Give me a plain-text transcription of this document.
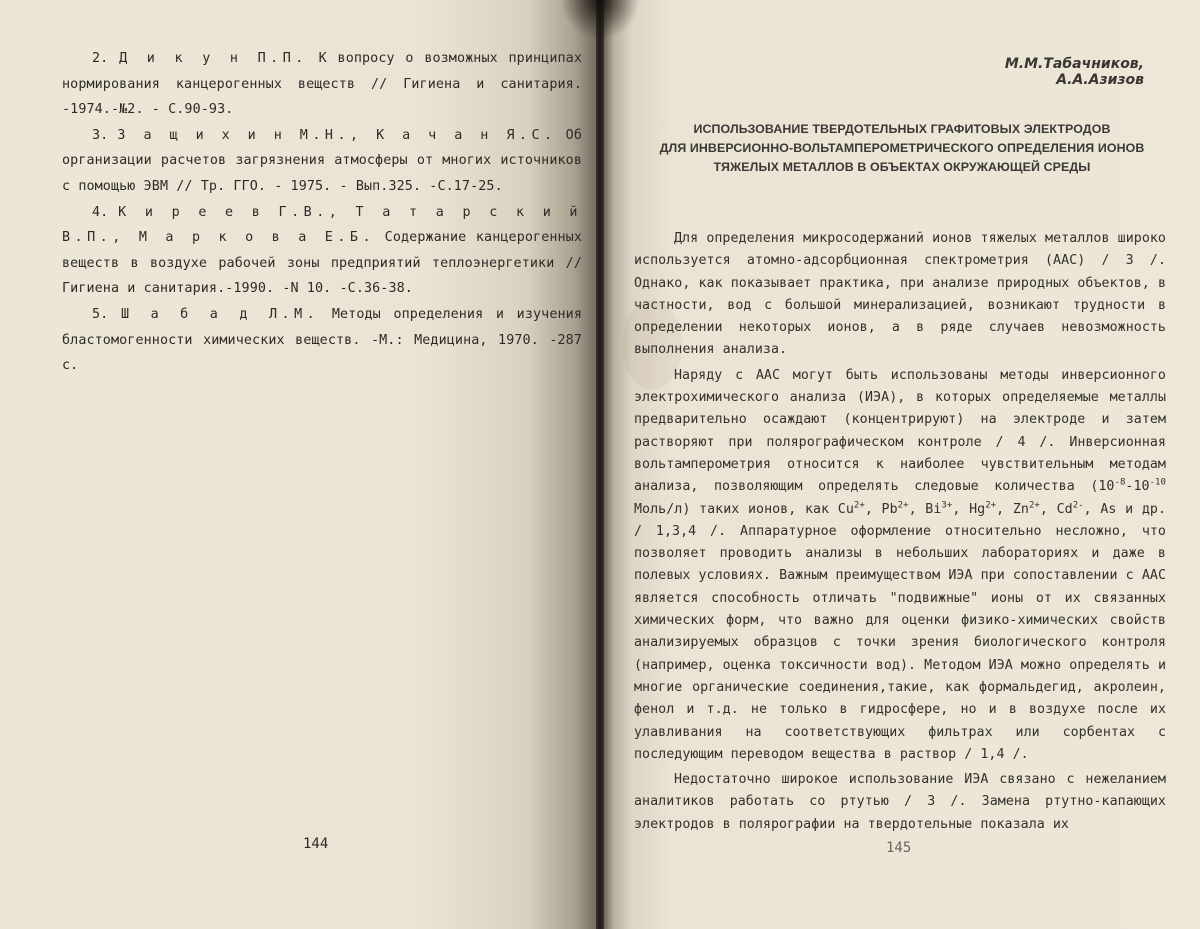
2. Д и к у н П.П. К вопросу о возможных принципах нормирования канцерогенных веществ // Гигиена и санитария. -1974.-№2. - С.90-93.

3. З а щ и х и н М.Н., К а ч а н Я.С. Об организации расчетов загрязнения атмосферы от многих источников с помощью ЭВМ // Тр. ГГО. - 1975. - Вып.325. -С.17-25.

4. К и р е е в Г.В., Т а т а р с к и й В.П., М а р к о в а Е.Б. Содержание канцерогенных веществ в воздухе рабочей зоны предприятий теплоэнергетики // Гигиена и санитария.-1990. -N 10. -С.36-38.

5. Ш а б а д Л.М. Методы определения и изучения бластомогенности химических веществ. -М.: Медицина, 1970. -287 с.

144
М.М.Табачников, А.А.Азизов
ИСПОЛЬЗОВАНИЕ ТВЕРДОТЕЛЬНЫХ ГРАФИТОВЫХ ЭЛЕКТРОДОВ
ДЛЯ ИНВЕРСИОННО-ВОЛЬТАМПЕРОМЕТРИЧЕСКОГО ОПРЕДЕЛЕНИЯ ИОНОВ
ТЯЖЕЛЫХ МЕТАЛЛОВ В ОБЪЕКТАХ ОКРУЖАЮЩЕЙ СРЕДЫ

Для определения микросодержаний ионов тяжелых металлов широко используется атомно-адсорбционная спектрометрия (ААС) / 3 /. Однако, как показывает практика, при анализе природных объектов, в частности, вод с большой минерализацией, возникают трудности в определении некоторых ионов, а в ряде случаев невозможность выполнения анализа.

Наряду с ААС могут быть использованы методы инверсионного электрохимического анализа (ИЭА), в которых определяемые металлы предварительно осаждают (концентрируют) на электроде и затем растворяют при полярографическом контроле / 4 /. Инверсионная вольтамперометрия относится к наиболее чувствительным методам анализа, позволяющим определять следовые количества ($10^{-8}-10^{-10}$ Моль/л) таких ионов, как $Cu^{2+}$, $Pb^{2+}$, $Bi^{3+}$, $Hg^{2+}$, $Zn^{2+}$, $Cd^{2-}$, As и др. / 1,3,4 /. Аппаратурное оформление относительно несложно, что позволяет проводить анализы в небольших лабораториях и даже в полевых условиях. Важным преимуществом ИЭА при сопоставлении с ААС является способность отличать "подвижные" ионы от их связанных химических форм, что важно для оценки физико-химических свойств анализируемых образцов с точки зрения биологического контроля (например, оценка токсичности вод). Методом ИЭА можно определять и многие органические соединения,такие, как формальдегид, акролеин, фенол и т.д. не только в гидросфере, но и в воздухе после их улавливания на соответствующих фильтрах или сорбентах с последующим переводом вещества в раствор / 1,4 /.

Недостаточно широкое использование ИЭА связано с нежеланием аналитиков работать со ртутью / 3 /. Замена ртутно-капающих электродов в полярографии на твердотельные показала их

145
